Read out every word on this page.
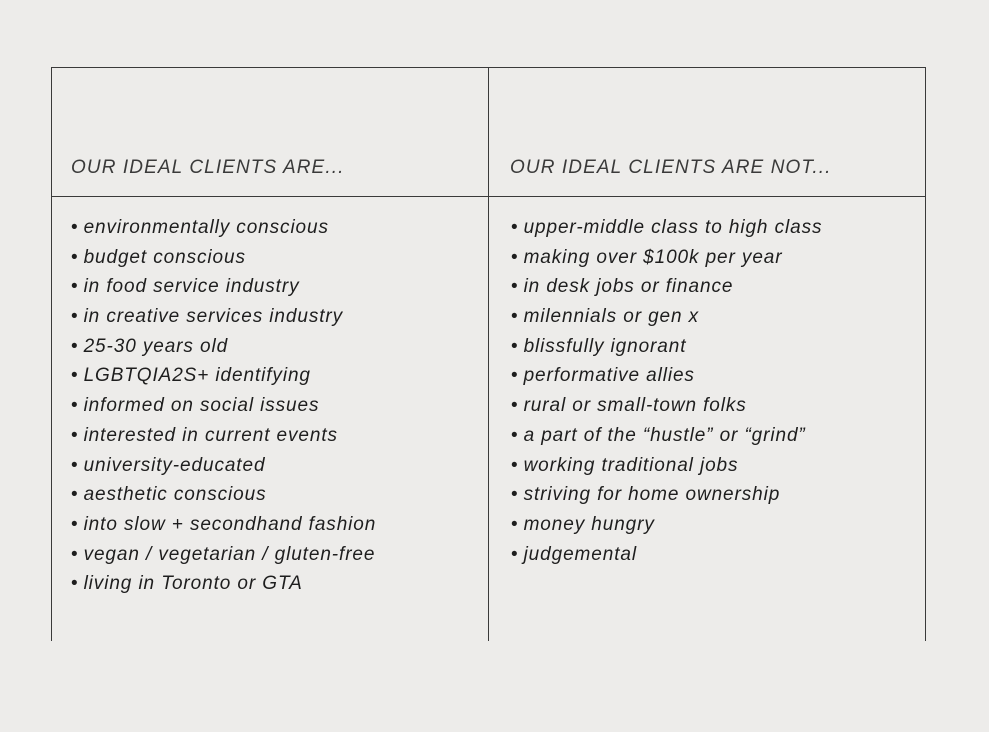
OUR IDEAL CLIENTS ARE...	OUR IDEAL CLIENTS ARE NOT...
• environmentally conscious
• budget conscious
• in food service industry
• in creative services industry
• 25-30 years old
• LGBTQIA2S+ identifying
• informed on social issues
• interested in current events
• university-educated
• aesthetic conscious
• into slow + secondhand fashion
• vegan / vegetarian / gluten-free
• living in Toronto or GTA
• upper-middle class to high class
• making over $100k per year
• in desk jobs or finance
• milennials or gen x
• blissfully ignorant
• performative allies
• rural or small-town folks
• a part of the “hustle” or “grind”
• working traditional jobs
• striving for home ownership
• money hungry
• judgemental
